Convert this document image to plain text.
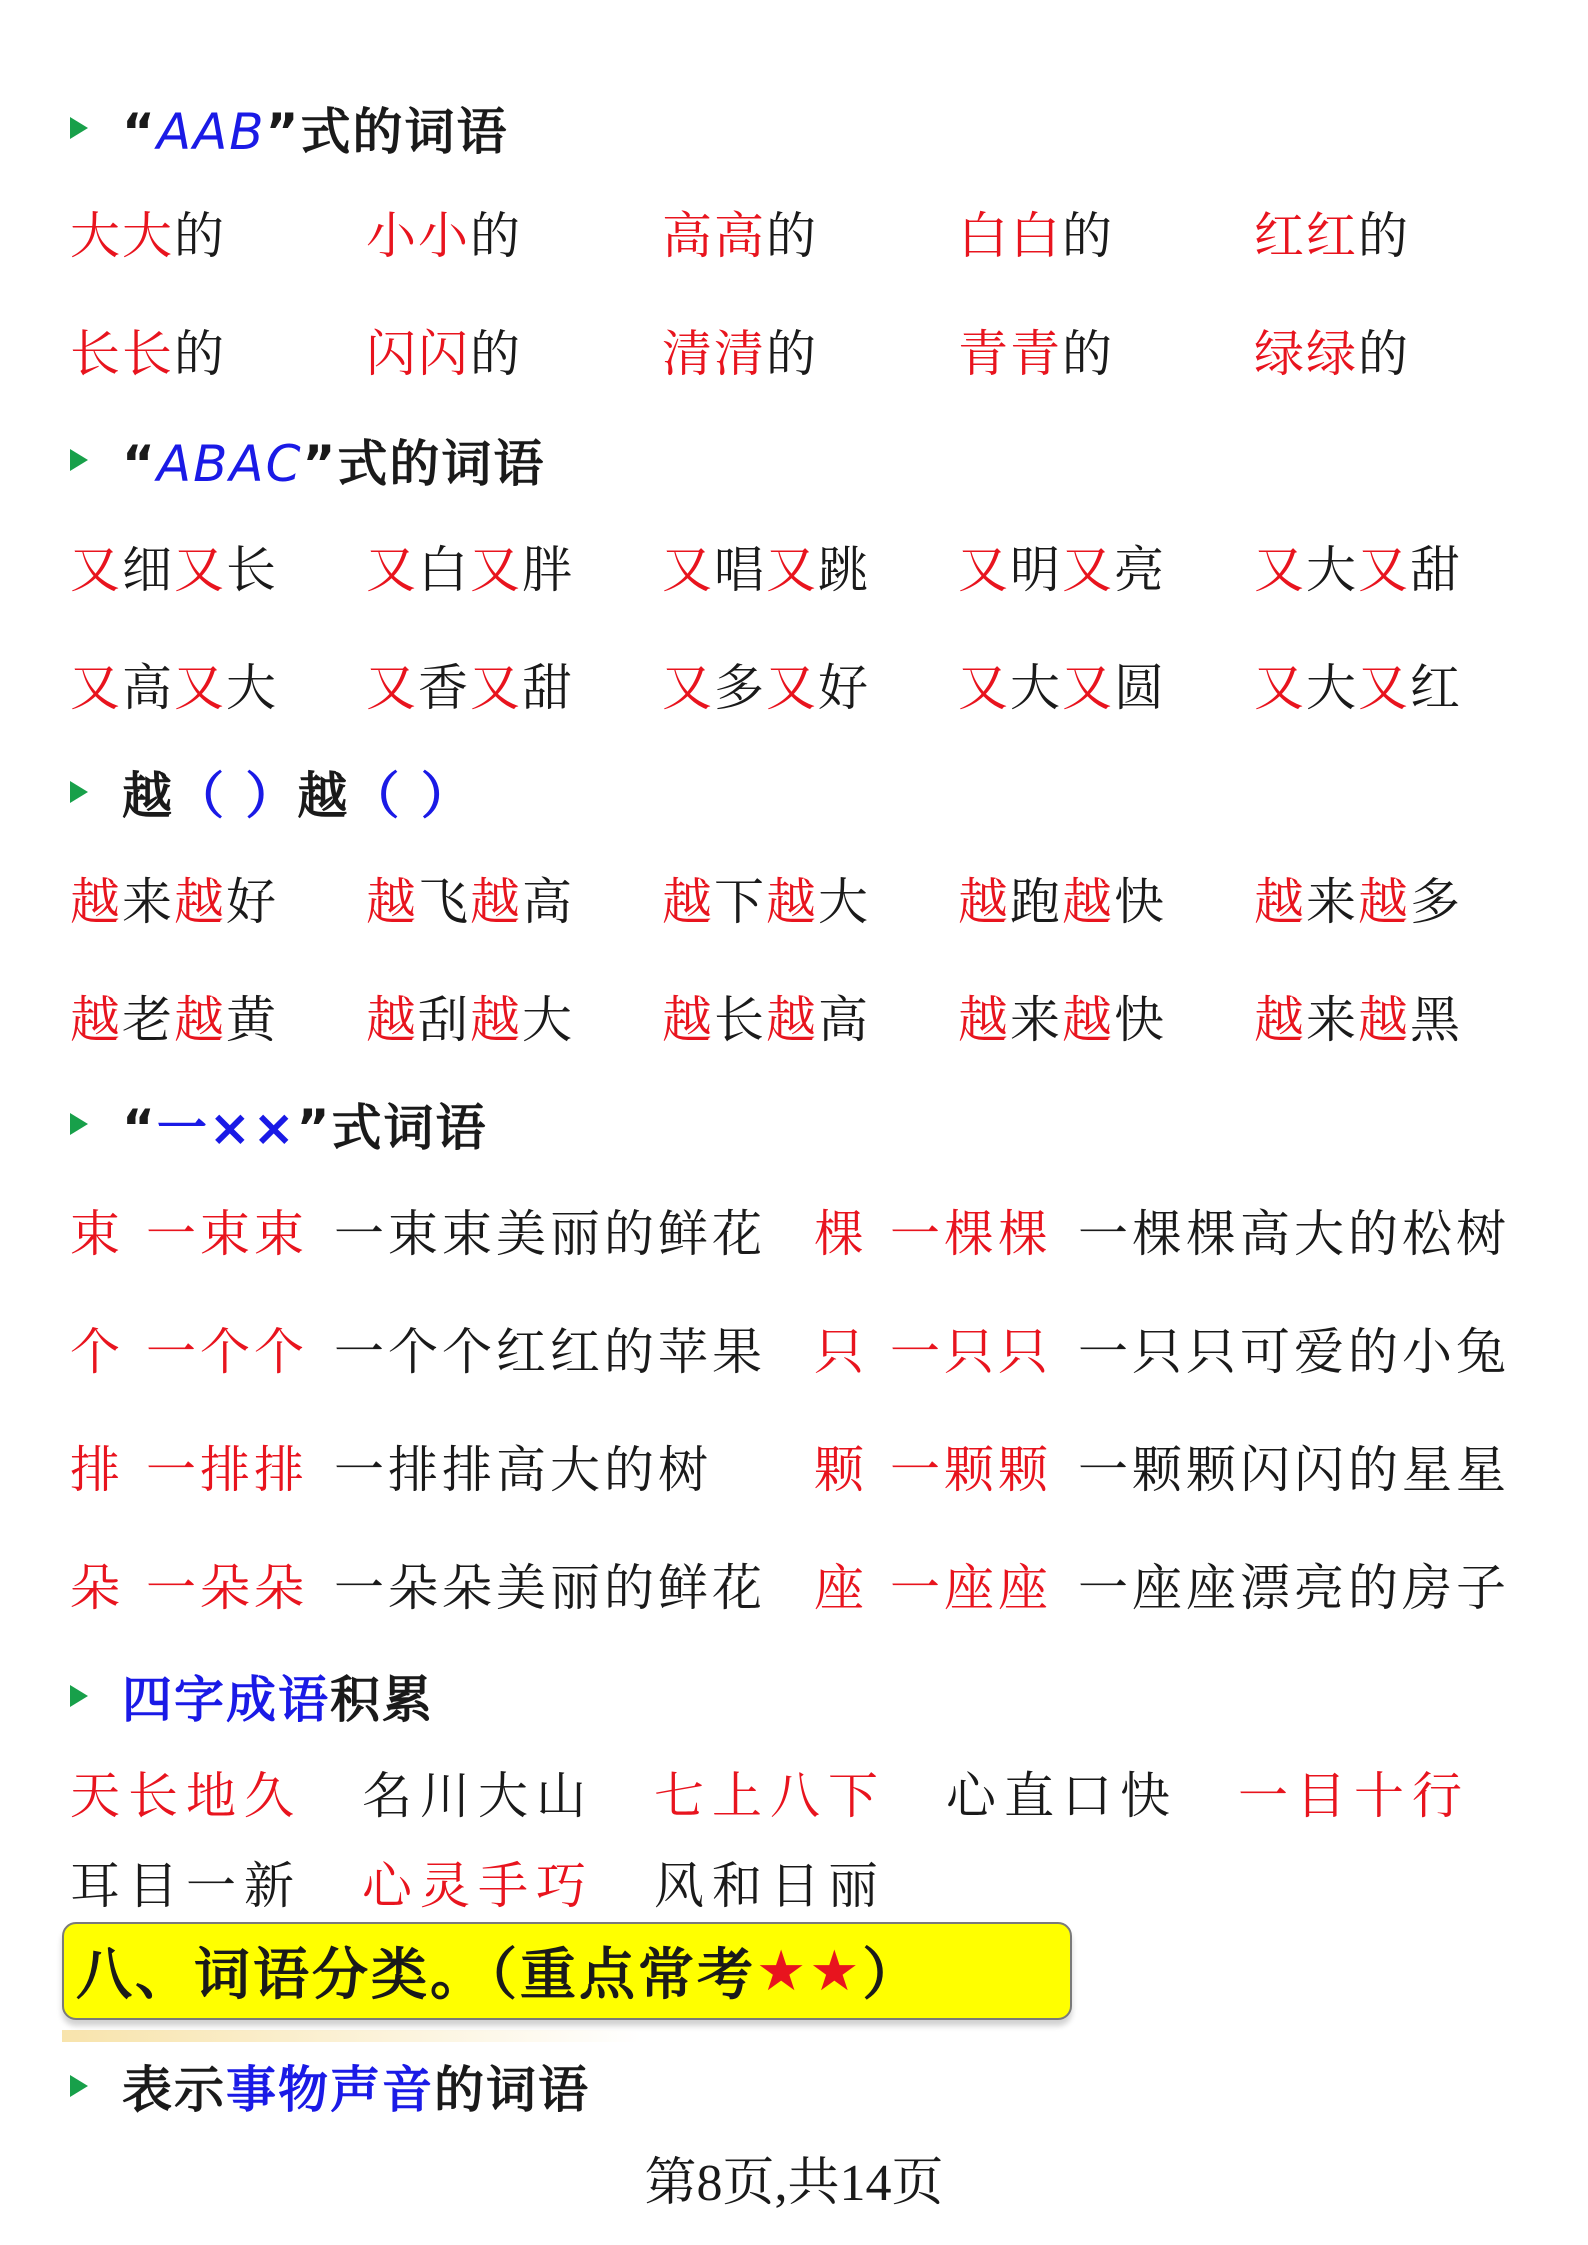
“AAB”式的词语
大大的	小小的	高高的	白白的	红红的
长长的	闪闪的	清清的	青青的	绿绿的
“ABAC”式的词语
又细又长	又白又胖	又唱又跳	又明又亮	又大又甜
又高又大	又香又甜	又多又好	又大又圆	又大又红
越（ ）越（ ）
越来越好	越飞越高	越下越大	越跑越快	越来越多
越老越黄	越刮越大	越长越高	越来越快	越来越黑
“一××”式词语
束 一束束 一束束美丽的鲜花 棵 一棵棵 一棵棵高大的松树
个 一个个 一个个红红的苹果 只 一只只 一只只可爱的小兔
排 一排排 一排排高大的树 颗 一颗颗 一颗颗闪闪的星星
朵 一朵朵 一朵朵美丽的鲜花 座 一座座 一座座漂亮的房子
四字成语积累
天长地久	名川大山	七上八下	心直口快	一目十行
耳目一新	心灵手巧	风和日丽
八、词语分类。（重点常考 ★★ ）
表示事物声音的词语
第8页,共14页
